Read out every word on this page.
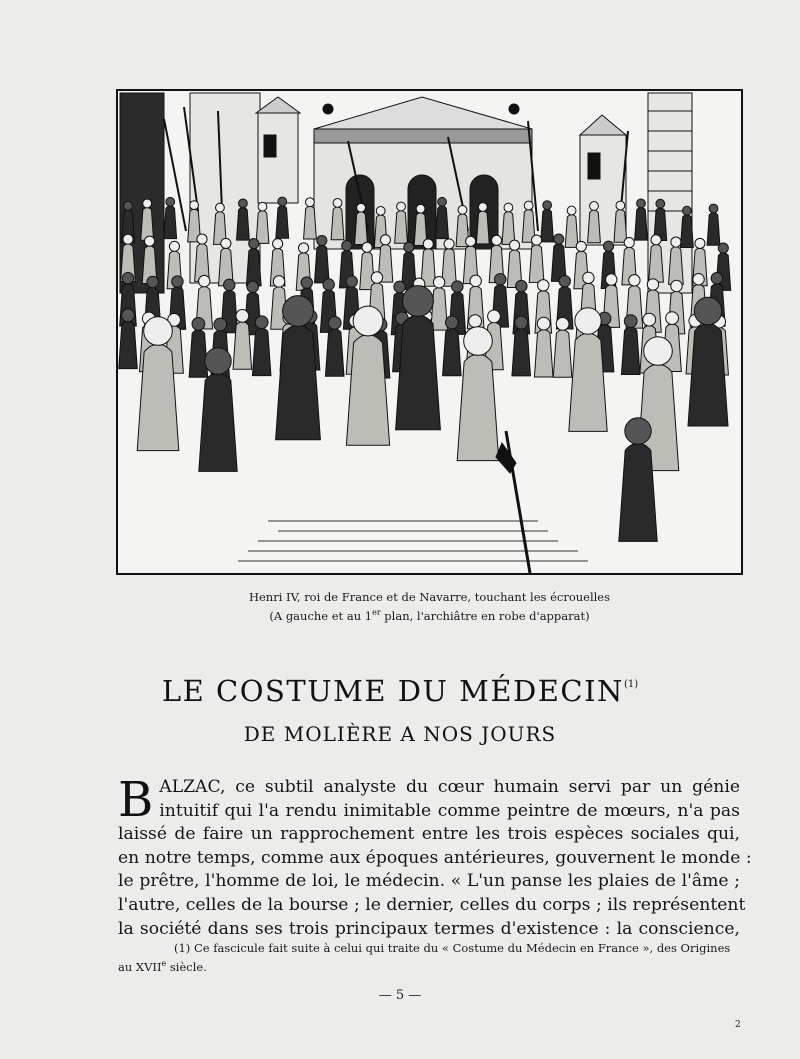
Henri IV, roi de France et de Navarre, touchant les écrouelles
(A gauche et au 1er plan, l'archiâtre en robe d'apparat)
LE COSTUME DU MÉDECIN$^{(1)}$
DE MOLIÈRE A NOS JOURS
B ALZAC, ce subtil analyste du cœur humain servi par un génie
intuitif qui l'a rendu inimitable comme peintre de mœurs, n'a pas
laissé de faire un rapprochement entre les trois espèces sociales qui,
en notre temps, comme aux époques antérieures, gouvernent le monde :
le prêtre, l'homme de loi, le médecin. « L'un panse les plaies de l'âme ;
l'autre, celles de la bourse ; le dernier, celles du corps ; ils représentent
la société dans ses trois principaux termes d'existence : la conscience,
(1) Ce fascicule fait suite à celui qui traite du « Costume du Médecin en France », des Origines
au XVIIe siècle.
— 5 —
2
